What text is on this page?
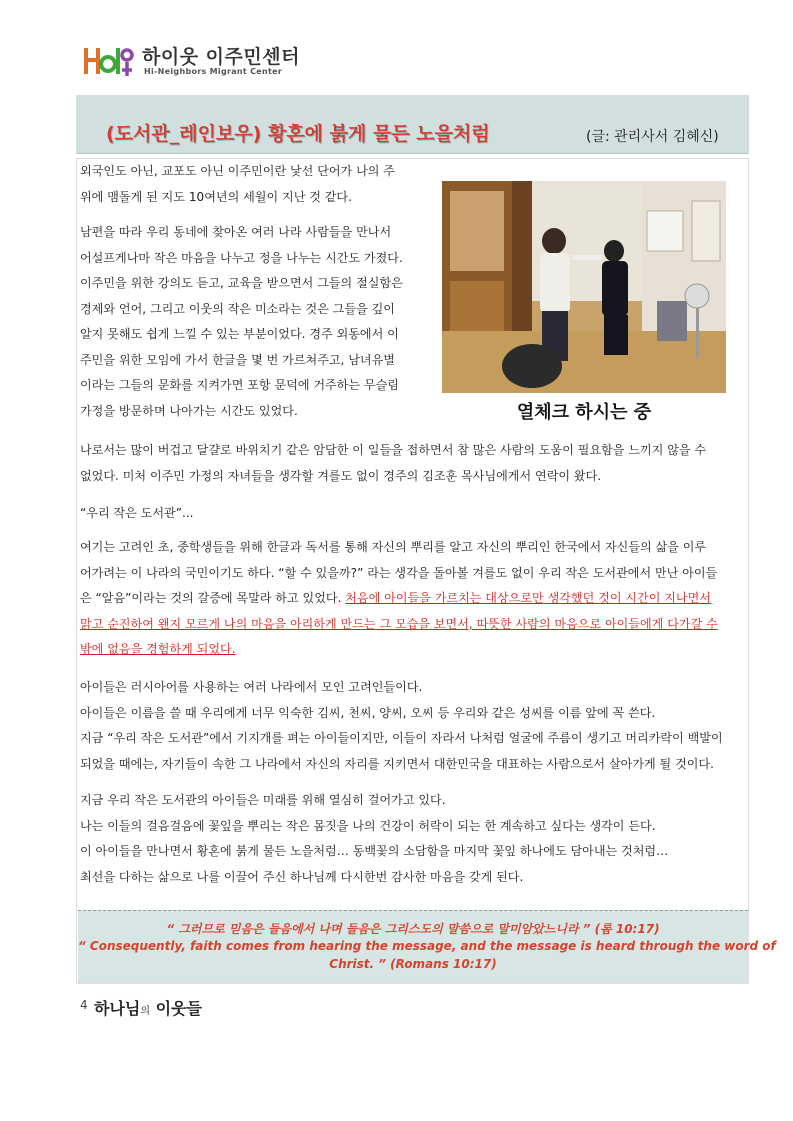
하이웃 이주민센터
Hi-Neighbors Migrant Center
(도서관_레인보우) 황혼에 붉게 물든 노을처럼	(글: 관리사서 김혜신)
열체크 하시는 중
외국인도 아닌, 교포도 아닌 이주민이란 낯선 단어가 나의 주
위에 맴돌게 된 지도 10여년의 세월이 지난 것 같다.
남편을 따라 우리 동네에 찾아온 여러 나라 사람들을 만나서
어설프게나마 작은 마음을 나누고 정을 나누는 시간도 가졌다.
이주민을 위한 강의도 듣고, 교육을 받으면서 그들의 절실함은
경제와 언어, 그리고 이웃의 작은 미소라는 것은 그들을 깊이
알지 못해도 쉽게 느낄 수 있는 부분이었다. 경주 외동에서 이
주민을 위한 모임에 가서 한글을 몇 번 가르쳐주고, 남녀유별
이라는 그들의 문화를 지켜가면 포항 문덕에 거주하는 무슬림
가정을 방문하며 나아가는 시간도 있었다.
나로서는 많이 버겁고 달걀로 바위치기 같은 암담한 이 일들을 접하면서 참 많은 사람의 도움이 필요함을 느끼지 않을 수
없었다. 미처 이주민 가정의 자녀들을 생각할 겨를도 없이 경주의 김조훈 목사님에게서 연락이 왔다.
“우리 작은 도서관”...
여기는 고려인 초, 중학생들을 위해 한글과 독서를 통해 자신의 뿌리를 알고 자신의 뿌리인 한국에서 자신들의 삶을 이루
어가려는 이 나라의 국민이기도 하다. “할 수 있을까?” 라는 생각을 돌아볼 겨를도 없이 우리 작은 도서관에서 만난 아이들
은 “알음”이라는 것의 갈증에 목말라 하고 있었다. 처음에 아이들을 가르치는 대상으로만 생각했던 것이 시간이 지나면서
맑고 순진하여 왠지 모르게 나의 마음을 아리하게 만드는 그 모습을 보면서, 따뜻한 사람의 마음으로 아이들에게 다가갈 수
밖에 없음을 경험하게 되었다.
아이들은 러시아어를 사용하는 여러 나라에서 모인 고려인들이다.
아이들은 이름을 쓸 때 우리에게 너무 익숙한 김씨, 천씨, 양씨, 오씨 등 우리와 같은 성씨를 이름 앞에 꼭 쓴다.
지금 “우리 작은 도서관”에서 기지개를 펴는 아이들이지만, 이들이 자라서 나처럼 얼굴에 주름이 생기고 머리카락이 백발이
되었을 때에는, 자기들이 속한 그 나라에서 자신의 자리를 지키면서 대한민국을 대표하는 사람으로서 살아가게 될 것이다.
지금 우리 작은 도서관의 아이들은 미래를 위해 열심히 걸어가고 있다.
나는 이들의 걸음걸음에 꽃잎을 뿌리는 작은 몸짓을 나의 건강이 허락이 되는 한 계속하고 싶다는 생각이 든다.
이 아이들을 만나면서 황혼에 붉게 물든 노을처럼… 동백꽃의 소담함을 마지막 꽃잎 하나에도 담아내는 것처럼…
최선을 다하는 삶으로 나를 이끌어 주신 하나님께 다시한번 감사한 마음을 갖게 된다.
“ 그러므로 믿음은 들음에서 나며 들음은 그리스도의 말씀으로 말미암았느니라 ” (롬 10:17)
“ Consequently, faith comes from hearing the message, and the message is heard through the word of
Christ. ” (Romans 10:17)
4 하나님의 이웃들
